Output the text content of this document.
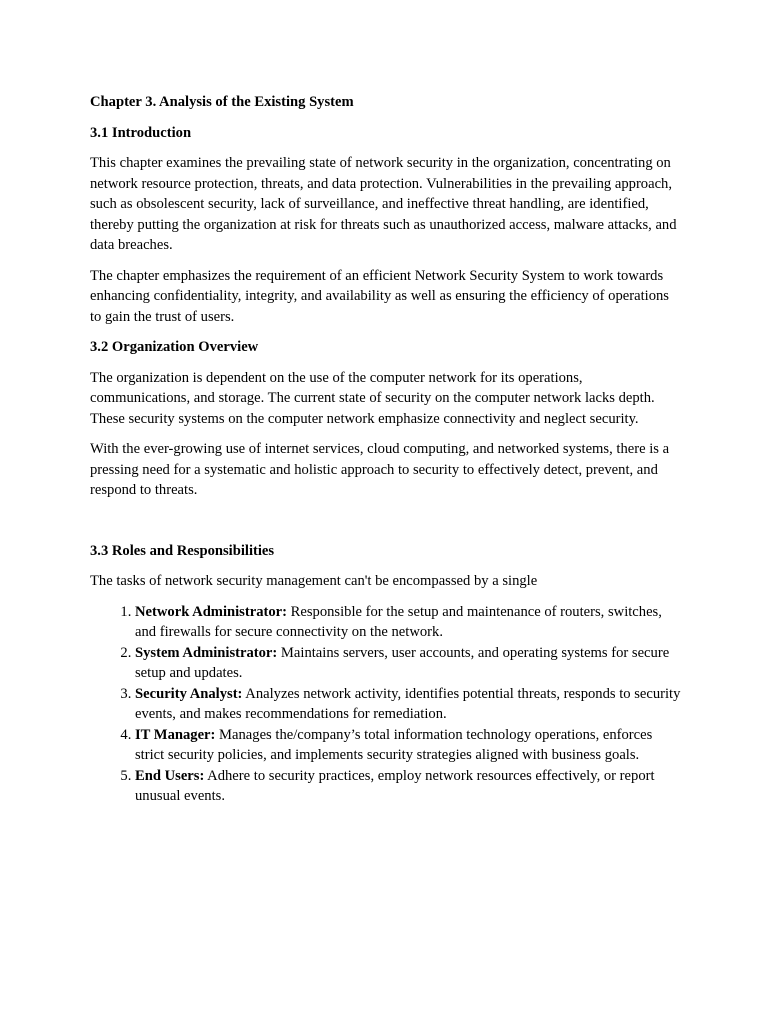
Chapter 3. Analysis of the Existing System
3.1 Introduction

This chapter examines the prevailing state of network security in the organization, concentrating on network resource protection, threats, and data protection. Vulnerabilities in the prevailing approach, such as obsolescent security, lack of surveillance, and ineffective threat handling, are identified, thereby putting the organization at risk for threats such as unauthorized access, malware attacks, and data breaches.

The chapter emphasizes the requirement of an efficient Network Security System to work towards enhancing confidentiality, integrity, and availability as well as ensuring the efficiency of operations to gain the trust of users.

3.2 Organization Overview

The organization is dependent on the use of the computer network for its operations, communications, and storage. The current state of security on the computer network lacks depth. These security systems on the computer network emphasize connectivity and neglect security.

With the ever-growing use of internet services, cloud computing, and networked systems, there is a pressing need for a systematic and holistic approach to security to effectively detect, prevent, and respond to threats.

3.3 Roles and Responsibilities

The tasks of network security management can't be encompassed by a single

1. Network Administrator: Responsible for the setup and maintenance of routers, switches, and firewalls for secure connectivity on the network.
2. System Administrator: Maintains servers, user accounts, and operating systems for secure setup and updates.
3. Security Analyst: Analyzes network activity, identifies potential threats, responds to security events, and makes recommendations for remediation.
4. IT Manager: Manages the/company’s total information technology operations, enforces strict security policies, and implements security strategies aligned with business goals.
5. End Users: Adhere to security practices, employ network resources effectively, or report unusual events.
